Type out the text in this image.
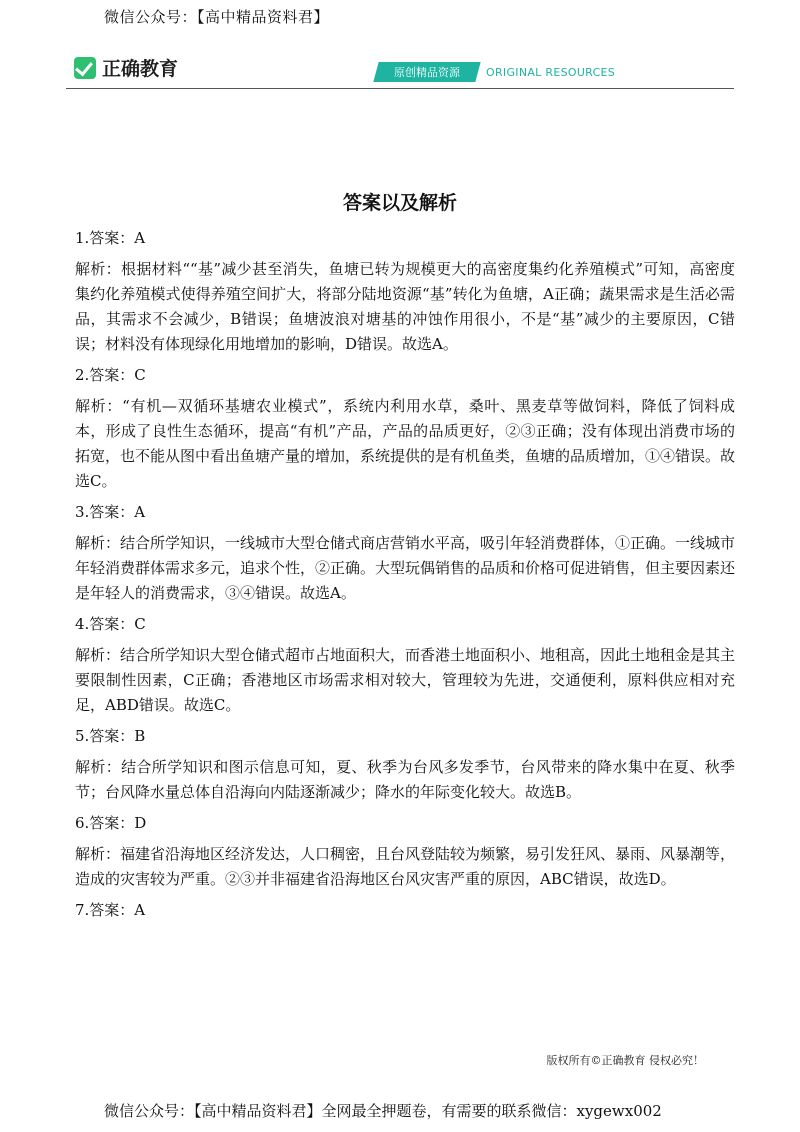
微信公众号：【高中精品资料君】
正确教育	原创精品资源	ORIGINAL RESOURCES
答案以及解析

1.答案：A

解析：根据材料““基”减少甚至消失，鱼塘已转为规模更大的高密度集约化养殖模式”可知，高密度集约化养殖模式使得养殖空间扩大，将部分陆地资源“基”转化为鱼塘，A正确；蔬果需求是生活必需品，其需求不会减少，B错误；鱼塘波浪对塘基的冲蚀作用很小，不是“基”减少的主要原因，C错误；材料没有体现绿化用地增加的影响，D错误。故选A。

2.答案：C

解析：“有机—双循环基塘农业模式”，系统内利用水草，桑叶、黑麦草等做饲料，降低了饲料成本，形成了良性生态循环，提高“有机”产品，产品的品质更好，②③正确；没有体现出消费市场的拓宽，也不能从图中看出鱼塘产量的增加，系统提供的是有机鱼类，鱼塘的品质增加，①④错误。故选C。

3.答案：A

解析：结合所学知识，一线城市大型仓储式商店营销水平高，吸引年轻消费群体，①正确。一线城市年轻消费群体需求多元，追求个性，②正确。大型玩偶销售的品质和价格可促进销售，但主要因素还是年轻人的消费需求，③④错误。故选A。

4.答案：C

解析：结合所学知识大型仓储式超市占地面积大，而香港土地面积小、地租高，因此土地租金是其主要限制性因素，C正确；香港地区市场需求相对较大，管理较为先进，交通便利，原料供应相对充足，ABD错误。故选C。

5.答案：B

解析：结合所学知识和图示信息可知，夏、秋季为台风多发季节，台风带来的降水集中在夏、秋季节；台风降水量总体自沿海向内陆逐渐减少；降水的年际变化较大。故选B。

6.答案：D

解析：福建省沿海地区经济发达，人口稠密，且台风登陆较为频繁，易引发狂风、暴雨、风暴潮等，造成的灾害较为严重。②③并非福建省沿海地区台风灾害严重的原因，ABC错误，故选D。

7.答案：A

版权所有©正确教育 侵权必究！
微信公众号：【高中精品资料君】全网最全押题卷，有需要的联系微信：xygewx002
